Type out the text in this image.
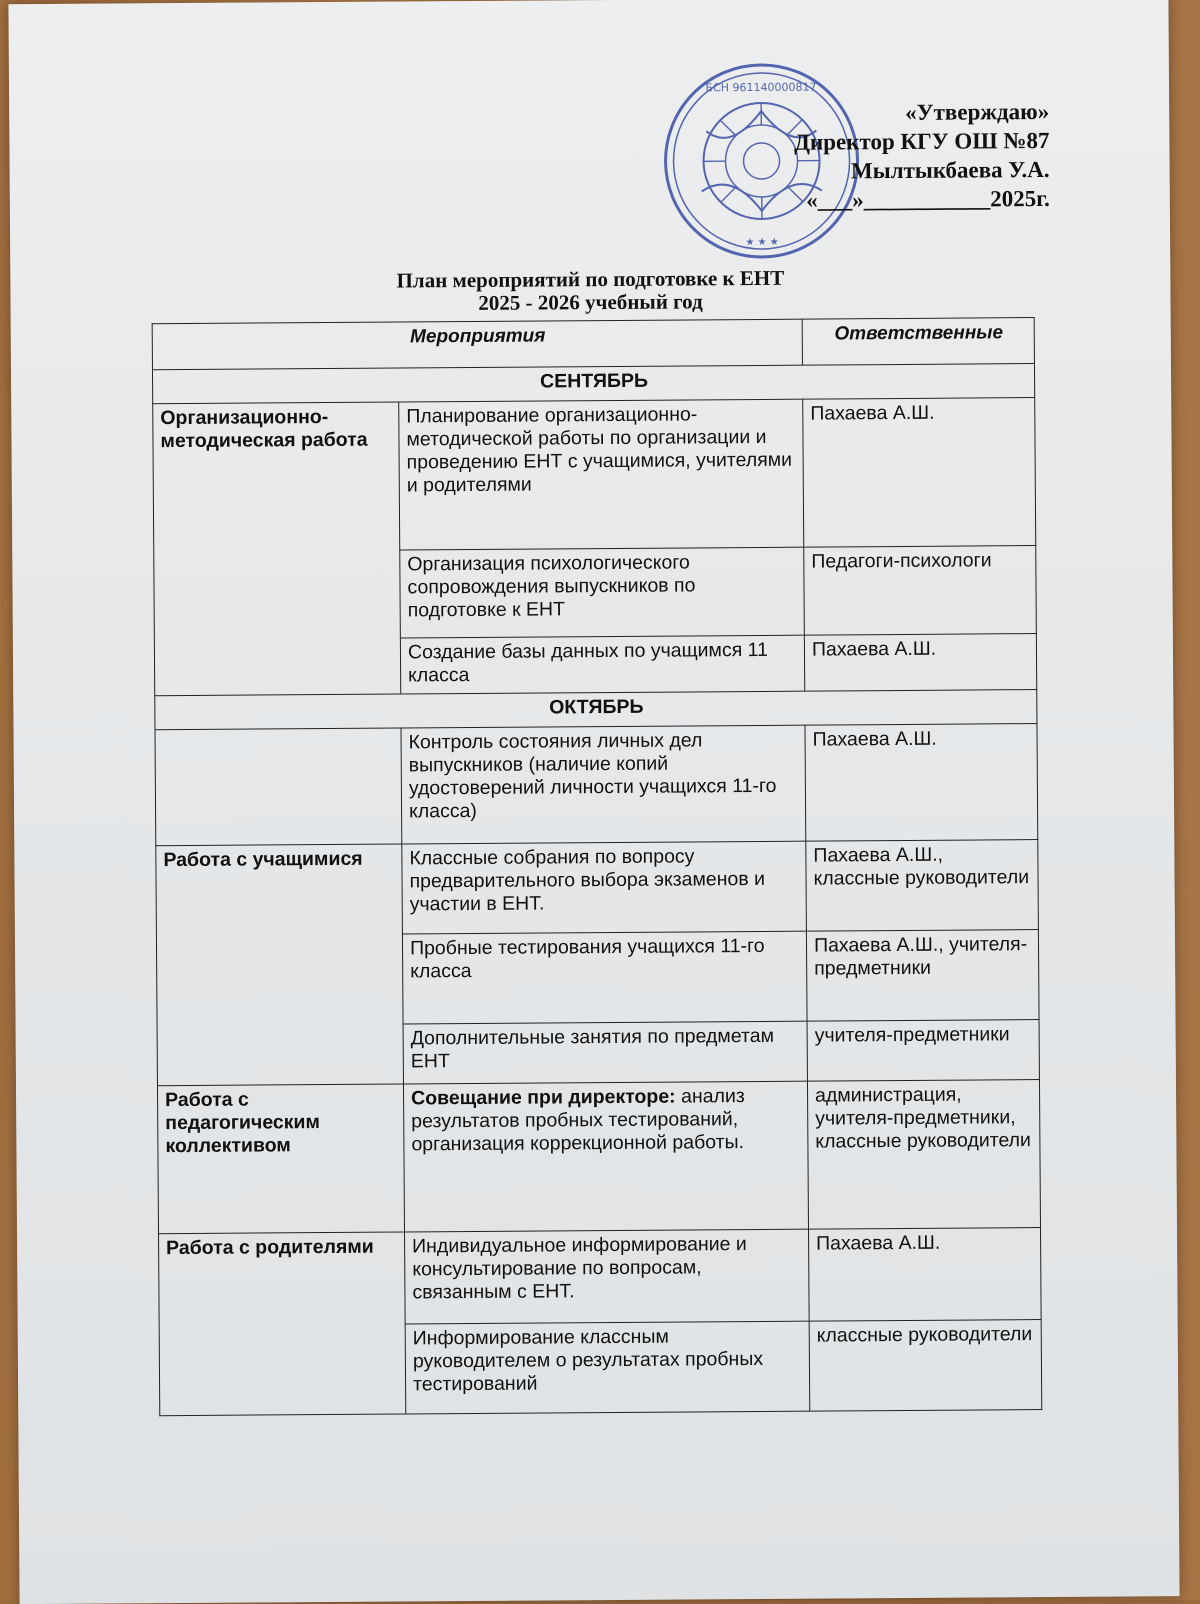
БСН 961140000817
★ ★ ★
«Утверждаю»
Директор КГУ ОШ №87
Мылтыкбаева У.А.
«___»___________2025г.
План мероприятий по подготовке к ЕНТ
2025 - 2026 учебный год
Мероприятия		Ответственные
СЕНТЯБРЬ		
Организационно-методическая работа	Планирование организационно-методической работы по организации и проведению ЕНТ с учащимися, учителями и родителями	Пахаева А.Ш.
	Организация психологического сопровождения выпускников по подготовке к ЕНТ	Педагоги-психологи
	Создание базы данных по учащимся 11 класса	Пахаева А.Ш.
ОКТЯБРЬ		
	Контроль состояния личных дел выпускников (наличие копий удостоверений личности учащихся 11-го класса)	Пахаева А.Ш.
Работа с учащимися	Классные собрания по вопросу предварительного выбора экзаменов и участии в ЕНТ.	Пахаева А.Ш., классные руководители
	Пробные тестирования учащихся 11-го класса	Пахаева А.Ш., учителя-предметники
	Дополнительные занятия по предметам ЕНТ	учителя-предметники
Работа с педагогическим коллективом	Совещание при директоре: анализ результатов пробных тестирований, организация коррекционной работы.	администрация, учителя-предметники, классные руководители
Работа с родителями	Индивидуальное информирование и консультирование по вопросам, связанным с ЕНТ.	Пахаева А.Ш.
	Информирование классным руководителем о результатах пробных тестирований	классные руководители
